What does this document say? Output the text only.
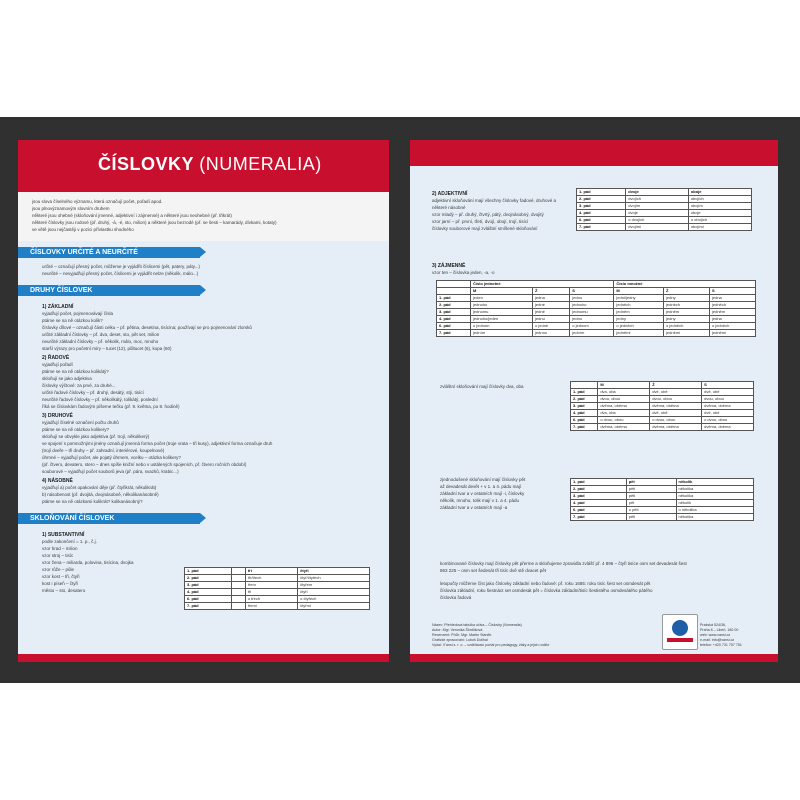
ČÍSLOVKY (NUMERALIA)
jsou slova číselného významu, která označují počet, pořadí apod.
jsou plnovýznamovým slovním druhem
některé jsou ohebné (skloňování jmenné, adjektivní i zájmenné) a některé jsou neohebné (př. třikrát)
některé číslovky jsou rodové (př. druhý, -á, -é, sto, milion) a některé jsou bezrodé (př. se šesti – kamarády, dívkami, kotaty)
ve větě jsou nejčastěji v pozici přívlastku shodného
ČÍSLOVKY URČITÉ A NEURČITÉ
určité – označují přesný počet, můžeme je vyjádřit číslicemi (pět, patery, páty...)
neurčité – nevyjadřují přesný počet, číslicemi je vyjádřit nelze (několik, málo...)
DRUHY ČÍSLOVEK
1) ZÁKLADNÍ
vyjadřují počet, pojmenovávají čísla
ptáme se na ně otázkou kolik?
číslovky dílové – označují části celku – př. pětina, desetina, tisícina; používají se pro pojmenování zlomků
určité základní číslovky – př. dva, deset, sto, pět set, milion
neurčité základní číslovky – př. několik, málo, moc, mnoho
starší výrazy pro početní míry – tucet (12), půltucet (6), kopa (60)
2) ŘADOVÉ
vyjadřují pořadí
ptáme se na ně otázkou kolikátý?
skloňují se jako adjektiva
číslovky výčtové: za prvé, za druhé...
určité řadové číslovky – př. druhý, desátý, stý, tisící
neurčité řadové číslovky – př. několikátý, tolikátý, poslední
říká se číslovkám řadovým píšeme tečku (př. 9. května, po 8. hodině)
3) DRUHOVÉ
vyjadřují číselné označení počtu druhů
ptáme se na ně otázkou kolikery?
skloňují se obvykle jako adjektiva (př. trojí, několikerý)
ve spojení s pomnožnými jmény označují jmenná forma počet (troje vrata – tři kusy), adjektivní forma označuje druh
(trojí dveře – tři druhy – př. zahradní, interiérové, koupelnové)
úhrnné – vyjadřují počet, ale pojatý úhrnem, vcelku – otázka kolikery?
(př. čtvero, devatero, stero – dnes spíše knižní nebo v ustálených spojeních, př. čtvero ročních období)
souborové – vyjadřují počet souborů jeva (př. pára, svazků, krabic...)
4) NÁSOBNÉ
vyjadřují a) počet opakování děje (př. čtyřikrát, několikrát)
b) násobenost (př. dvojitá, dvojnásobně, několikanásobně)
ptáme se na ně otázkami kolikrát? kolikanásobný?
SKLOŇOVÁNÍ ČÍSLOVEK
1) SUBSTANTIVNÍ
podle zakončení = 1. p., č.j.
vzor hrad – milion
vzor stroj – tisíc
vzor žena – miliarda, polovina, tisícina, dvojka
vzor růže – půle
vzor kost – tři, čtyři
kost i píseň – čtyři
město – sto, desatero
1. pád		tři	čtyři
2. pád		tří/třech	čtyř/čtyřech
3. pád		třem	čtyřem
4. pád		tři	čtyři
6. pád		o třech	o čtyřech
7. pád		třemi	čtyřmi
2) ADJEKTIVNÍ
adjektivní skloňování mají všechny číslovky řadové, druhové a některé násobné
vzor mladý – př. druhý, čtvrtý, pátý, dvojnásobný, dvojitý
vzor jarní – př. první, třetí, dvojí, obojí, trojí, tisící
číslovky souborové mají zvláštní smíšené skloňování
1. pád	dvoje	oboje
2. pád	dvojích	obojích
3. pád	dvojím	obojím
4. pád	dvoje	oboje
6. pád	o dvojích	o obojích
7. pád	dvojími	obojími
3) ZÁJMENNÉ
vzor ten – číslovka jeden, -a, -o
	Číslo jednotné			Číslo množné		
	M	Ž	S	M	Ž	S
1. pád	jeden	jedna	jedno	jedni/jedny	jedny	jedna
2. pád	jednoho	jedné	jednoho	jedněch	jedněch	jedněch
3. pád	jednomu	jedné	jednomu	jedněm	jedněm	jedněm
4. pád	jednoho/jeden	jednu	jedno	jedny	jedny	jedna
6. pád	o jednom	o jedné	o jednom	o jedněch	o jedněch	o jedněch
7. pád	jedním	jednou	jedním	jedněmi	jedněmi	jedněmi
zvláštní skloňování mají číslovky dva, oba
		M	Ž	S
1. pád	dva, oba	dvě, obě	dvě, obě
2. pád	dvou, obou	dvou, obou	dvou, obou
3. pád	dvěma, oběma	dvěma, oběma	dvěma, oběma
4. pád	dva, oba	dvě, obě	dvě, obě
6. pád	o dvou, obou	o dvou, obou	o dvou, obou
7. pád	dvěma, oběma	dvěma, oběma	dvěma, oběma
zjednodušené skloňování mají číslovky pět
až devadesát devět + v 1. a 4. pádu mají
základní tvar a v ostatních mají -i, číslovky
několik, mnoho, tolik mají v 1. a 4. pádu
základní tvar a v ostatních mají -a
1. pád	pět	několik
2. pád	pěti	několika
3. pád	pěti	několika
4. pád	pět	několik
6. pád	o pěti	o několika
7. pád	pěti	několika
kombinované číslovky mají číslovky pět přerme a skloňujeme zpravidla zvlášť př. 4 896 – čtyři tisíce osm set devadesát šest
863 225 – osm set šedesát tři tisíc dvě stě dvacet pět
letopočty můžeme číst jako číslovky základní nebo řadové: př. roku 1685: roku tisíc šest set osmdesát pět
číslovka základní, roku šestnáct set osmdesát pět = číslovka základní/tisíc šestistého osmdesátého pátého
číslovka řadová
Název: Přehledová tabulka učiva – Číslovky (Numeralia)
Autor: Mgr. Veronika Škrdlíková
Recenzent: PhDr. Mgr. Martin Staněk
Grafické zpracování: Luboš Dolihal
Vydal: V'ansi s. r. o. – vzdělávací portál pro pedagogy, žáky a jejich rodiče
Pražská 524/36,
Praha 8 – Libeň, 180 00
web: www.vansi.cz
e-mail: info@vansi.cz
telefon: +420 731 757 751
